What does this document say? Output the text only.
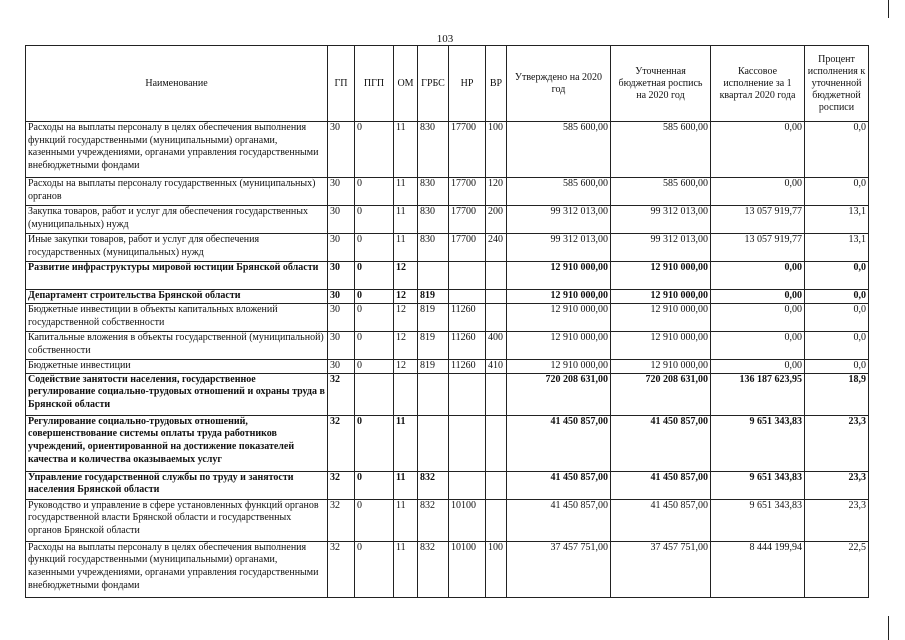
103
Наименование	ГП	ПГП	ОМ	ГРБС	НР	ВР	Утверждено на 2020 год	Уточненная бюджетная роспись на 2020 год	Кассовое исполнение за 1 квартал 2020 года	Процент исполнения к уточненной бюджетной росписи
Расходы на выплаты персоналу в целях обеспечения выполнения функций государственными (муниципальными) органами, казенными учреждениями, органами управления государственными внебюджетными фондами	30	0	11	830	17700	100	585 600,00	585 600,00	0,00	0,0
Расходы на выплаты персоналу государственных (муниципальных) органов	30	0	11	830	17700	120	585 600,00	585 600,00	0,00	0,0
Закупка товаров, работ и услуг для обеспечения государственных (муниципальных) нужд	30	0	11	830	17700	200	99 312 013,00	99 312 013,00	13 057 919,77	13,1
Иные закупки товаров, работ и услуг для обеспечения государственных (муниципальных) нужд	30	0	11	830	17700	240	99 312 013,00	99 312 013,00	13 057 919,77	13,1
Развитие инфраструктуры мировой юстиции Брянской области	30	0	12				12 910 000,00	12 910 000,00	0,00	0,0
Департамент строительства Брянской области	30	0	12	819			12 910 000,00	12 910 000,00	0,00	0,0
Бюджетные инвестиции в объекты капитальных вложений государственной собственности	30	0	12	819	11260		12 910 000,00	12 910 000,00	0,00	0,0
Капитальные вложения в объекты государственной (муниципальной) собственности	30	0	12	819	11260	400	12 910 000,00	12 910 000,00	0,00	0,0
Бюджетные инвестиции	30	0	12	819	11260	410	12 910 000,00	12 910 000,00	0,00	0,0
Содействие занятости населения, государственное регулирование социально-трудовых отношений и охраны труда в Брянской области	32						720 208 631,00	720 208 631,00	136 187 623,95	18,9
Регулирование социально-трудовых отношений, совершенствование системы оплаты труда работников учреждений, ориентированной на достижение показателей качества и количества оказываемых услуг	32	0	11				41 450 857,00	41 450 857,00	9 651 343,83	23,3
Управление государственной службы по труду и занятости населения Брянской области	32	0	11	832			41 450 857,00	41 450 857,00	9 651 343,83	23,3
Руководство и управление в сфере установленных функций органов государственной власти Брянской области и государственных органов Брянской области	32	0	11	832	10100		41 450 857,00	41 450 857,00	9 651 343,83	23,3
Расходы на выплаты персоналу в целях обеспечения выполнения функций государственными (муниципальными) органами, казенными учреждениями, органами управления государственными внебюджетными фондами	32	0	11	832	10100	100	37 457 751,00	37 457 751,00	8 444 199,94	22,5
